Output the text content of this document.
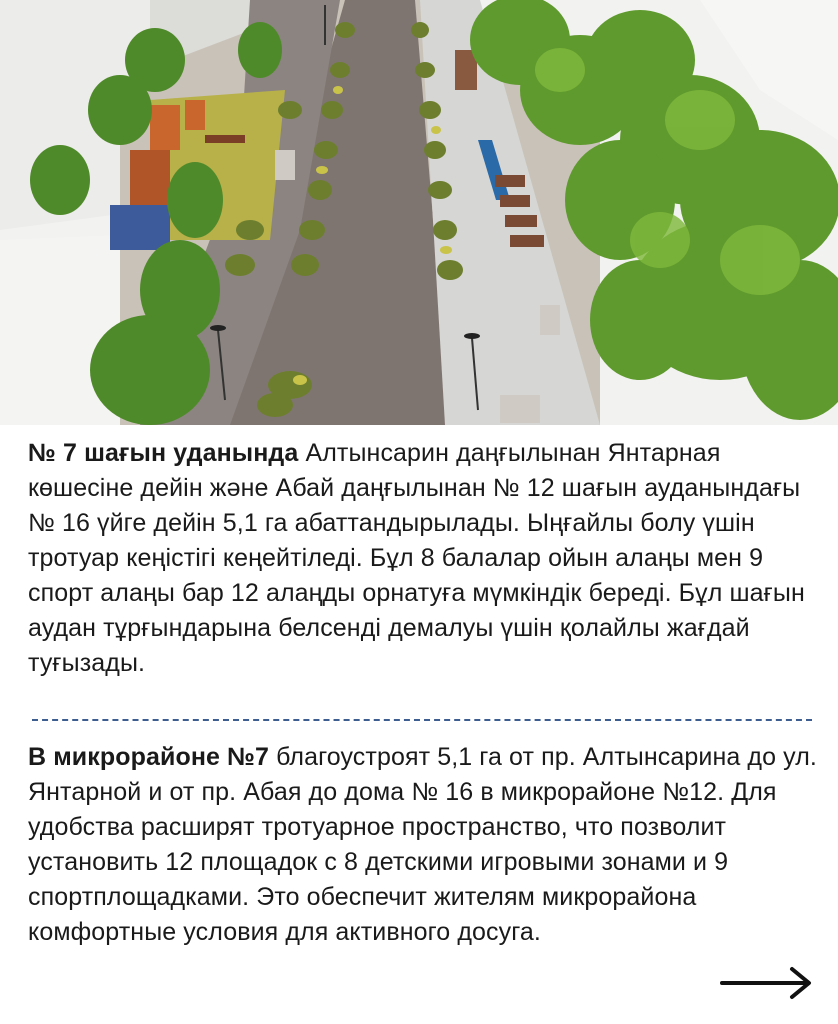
№ 7 шағын уданында Алтынсарин даңғылынан Янтарная көшесіне дейін және Абай даңғылынан № 12 шағын ауданындағы № 16 үйге дейін 5,1 га абаттандырылады. Ыңғайлы болу үшін тротуар кеңістігі кеңейтіледі. Бұл 8 балалар ойын алаңы мен 9 спорт алаңы бар 12 алаңды орнатуға мүмкіндік береді. Бұл шағын аудан тұрғындарына белсенді демалуы үшін қолайлы жағдай туғызады.
В микрорайоне №7 благоустроят 5,1 га от пр. Алтынсарина до ул. Янтарной и от пр. Абая до дома № 16 в микрорайоне №12. Для удобства расширят тротуарное пространство, что позволит установить 12 площадок с 8 детскими игровыми зонами и 9 спортплощадками. Это обеспечит жителям микрорайона комфортные условия для активного досуга.
